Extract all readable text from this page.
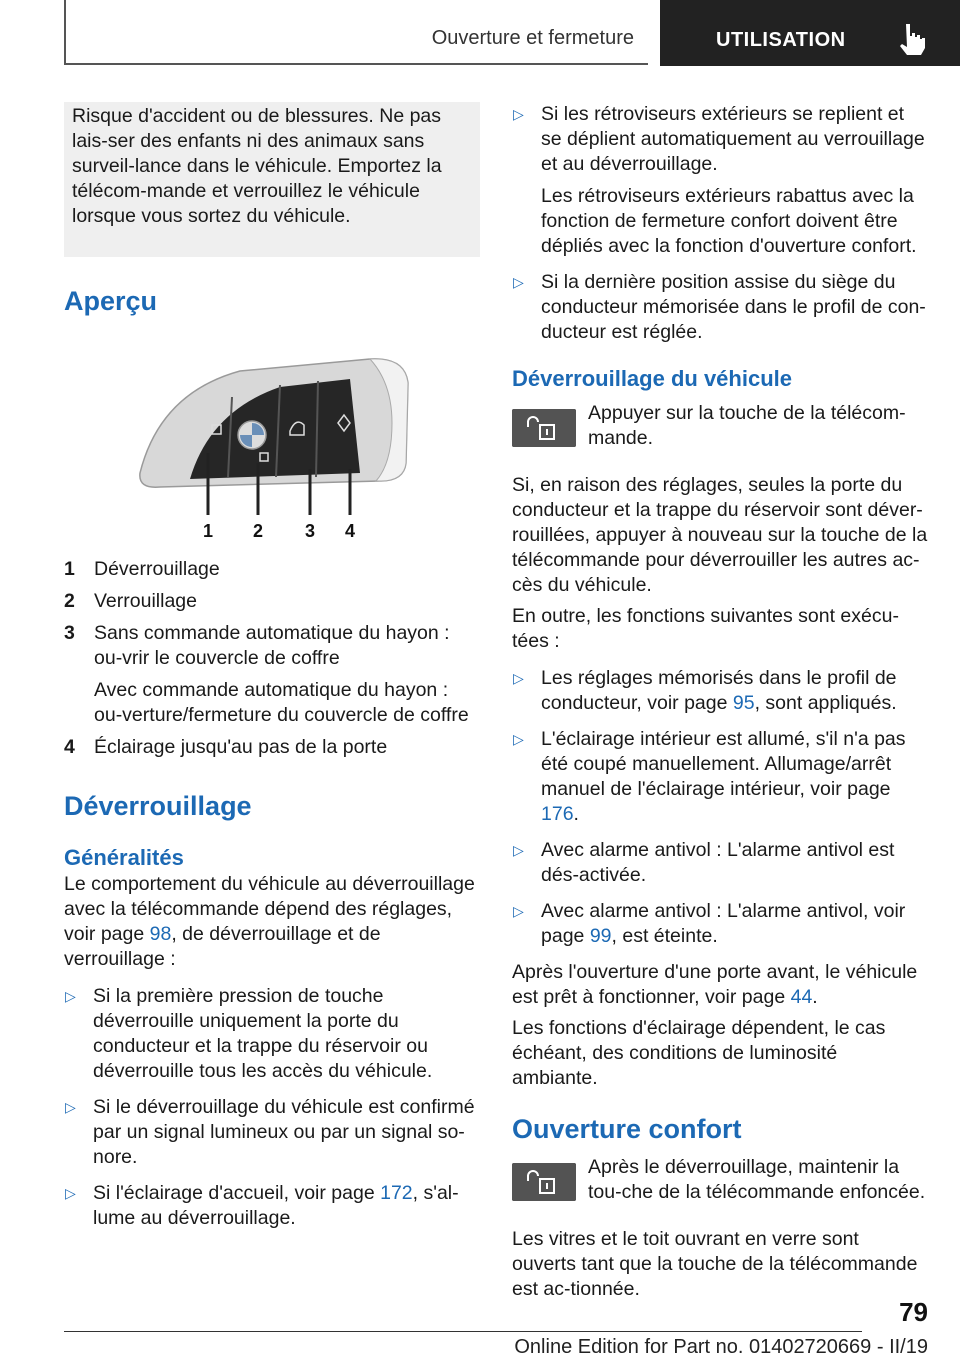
Ouverture et fermeture	UTILISATION

Risque d'accident ou de blessures. Ne pas lais-ser des enfants ni des animaux sans surveil-lance dans le véhicule. Emportez la télécom-mande et verrouillez le véhicule lorsque vous sortez du véhicule.

Aperçu
1 2 3 4
1 Déverrouillage
2 Verrouillage
3 Sans commande automatique du hayon : ou-vrir le couvercle de coffre
Avec commande automatique du hayon : ou-verture/fermeture du couvercle de coffre
4 Éclairage jusqu'au pas de la porte
Déverrouillage
Généralités

Le comportement du véhicule au déverrouillage avec la télécommande dépend des réglages, voir page 98, de déverrouillage et de verrouillage :

▷ Si la première pression de touche déverrouille uniquement la porte du conducteur et la trappe du réservoir ou déverrouille tous les accès du véhicule.
▷ Si le déverrouillage du véhicule est confirmé par un signal lumineux ou par un signal so-nore.
▷ Si l'éclairage d'accueil, voir page 172, s'al-lume au déverrouillage.
▷ Si les rétroviseurs extérieurs se replient et se déplient automatiquement au verrouillage et au déverrouillage.
Les rétroviseurs extérieurs rabattus avec la fonction de fermeture confort doivent être dépliés avec la fonction d'ouverture confort.
▷ Si la dernière position assise du siège du conducteur mémorisée dans le profil de con-ducteur est réglée.
Déverrouillage du véhicule
Appuyer sur la touche de la télécom-mande.

Si, en raison des réglages, seules la porte du conducteur et la trappe du réservoir sont déver-rouillées, appuyer à nouveau sur la touche de la télécommande pour déverrouiller les autres ac-cès du véhicule.

En outre, les fonctions suivantes sont exécu-tées :

▷ Les réglages mémorisés dans le profil de conducteur, voir page 95, sont appliqués.
▷ L'éclairage intérieur est allumé, s'il n'a pas été coupé manuellement. Allumage/arrêt manuel de l'éclairage intérieur, voir page 176.
▷ Avec alarme antivol : L'alarme antivol est dés-activée.
▷ Avec alarme antivol : L'alarme antivol, voir page 99, est éteinte.

Après l'ouverture d'une porte avant, le véhicule est prêt à fonctionner, voir page 44.

Les fonctions d'éclairage dépendent, le cas échéant, des conditions de luminosité ambiante.

Ouverture confort
Après le déverrouillage, maintenir la tou-che de la télécommande enfoncée.

Les vitres et le toit ouvrant en verre sont ouverts tant que la touche de la télécommande est ac-tionnée.

79
Online Edition for Part no. 01402720669 - II/19
